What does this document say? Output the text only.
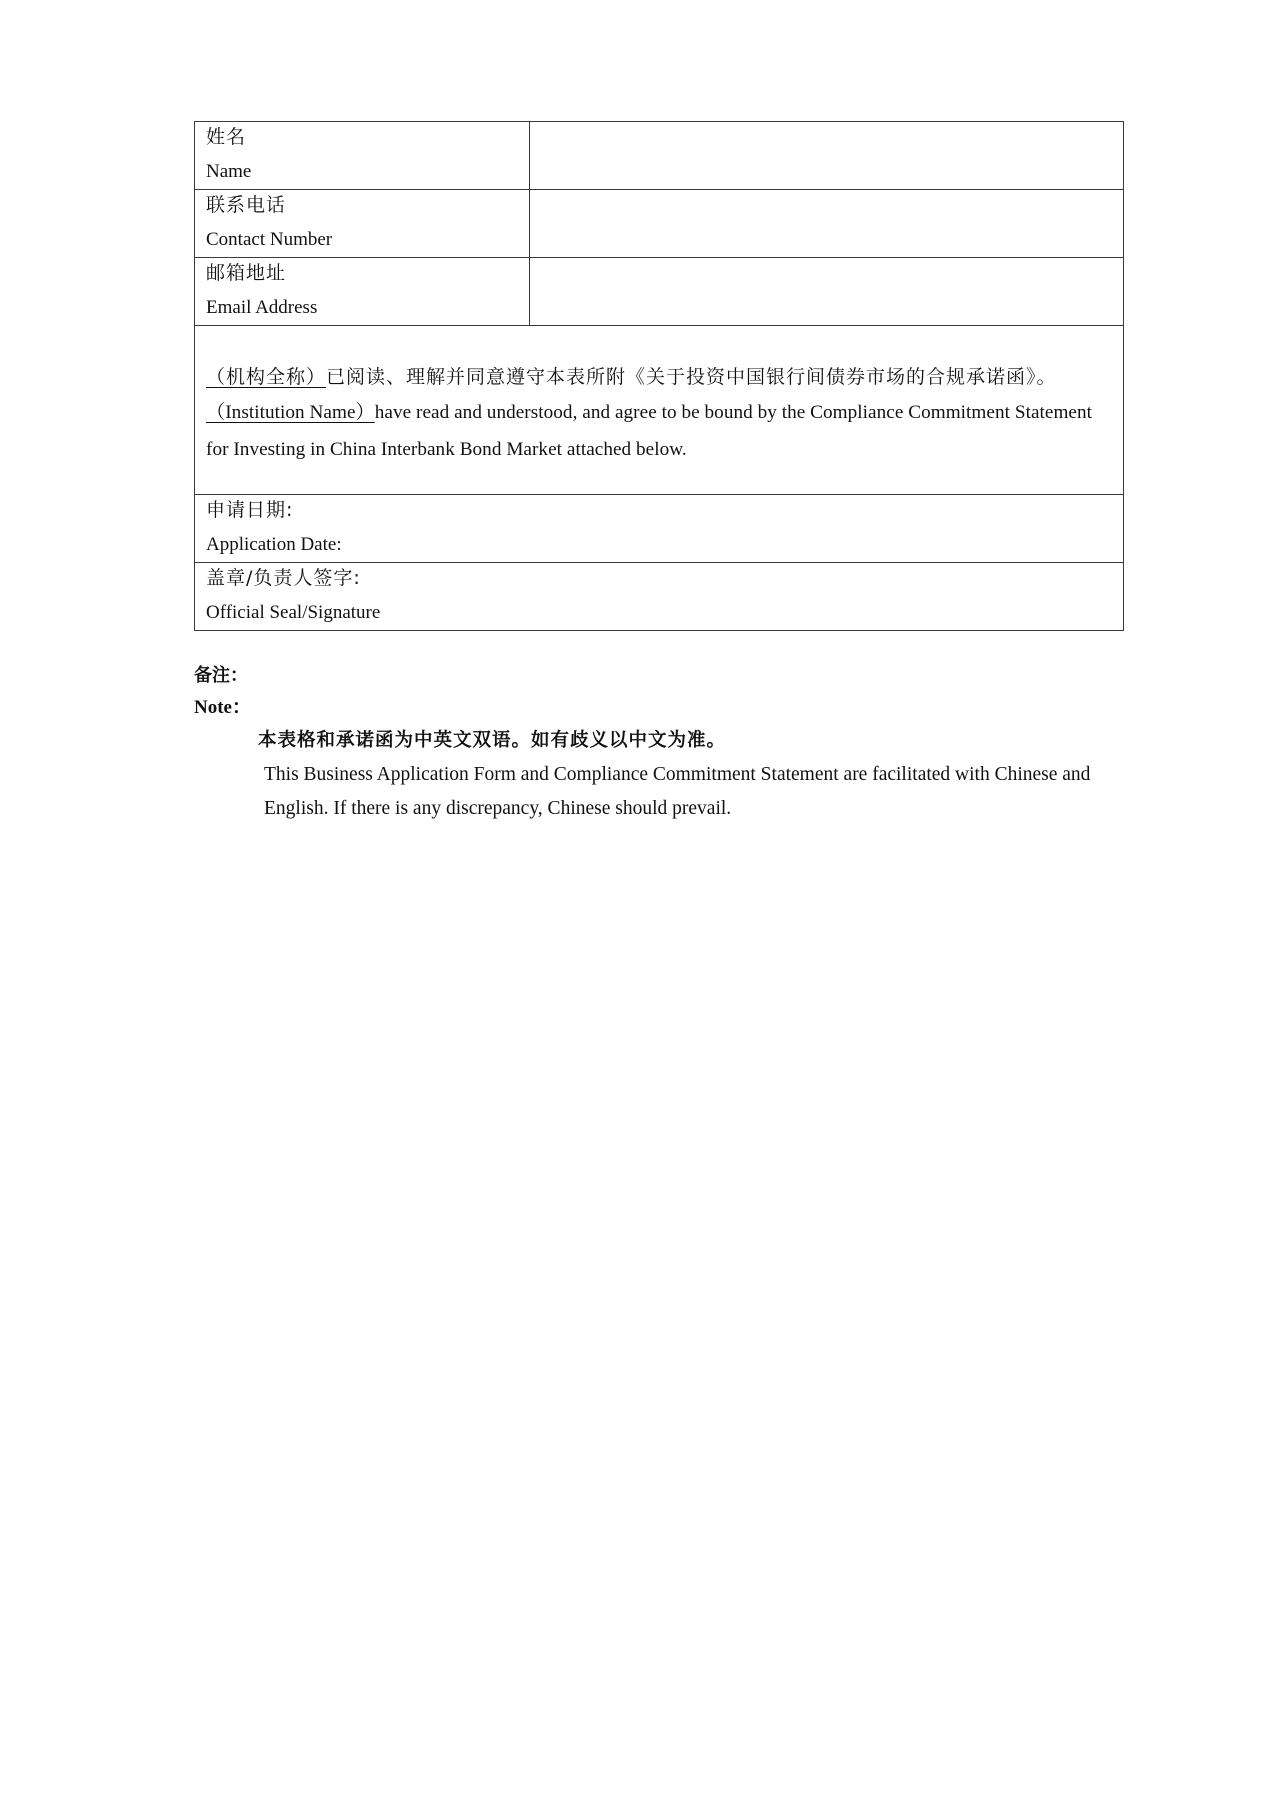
姓名
Name	

联系电话
Contact Number	

邮箱地址
Email Address	

（机构全称）已阅读、理解并同意遵守本表所附《关于投资中国银行间债券市场的合规承诺函》。
（Institution Name）have read and understood, and agree to be bound by the Compliance Commitment Statement for Investing in China Interbank Bond Market attached below.	

申请日期:
Application Date:	

盖章/负责人签字:
Official Seal/Signature	
备注：
Note：
本表格和承诺函为中英文双语。如有歧义以中文为准。
This Business Application Form and Compliance Commitment Statement are facilitated with Chinese and English. If there is any discrepancy, Chinese should prevail.
